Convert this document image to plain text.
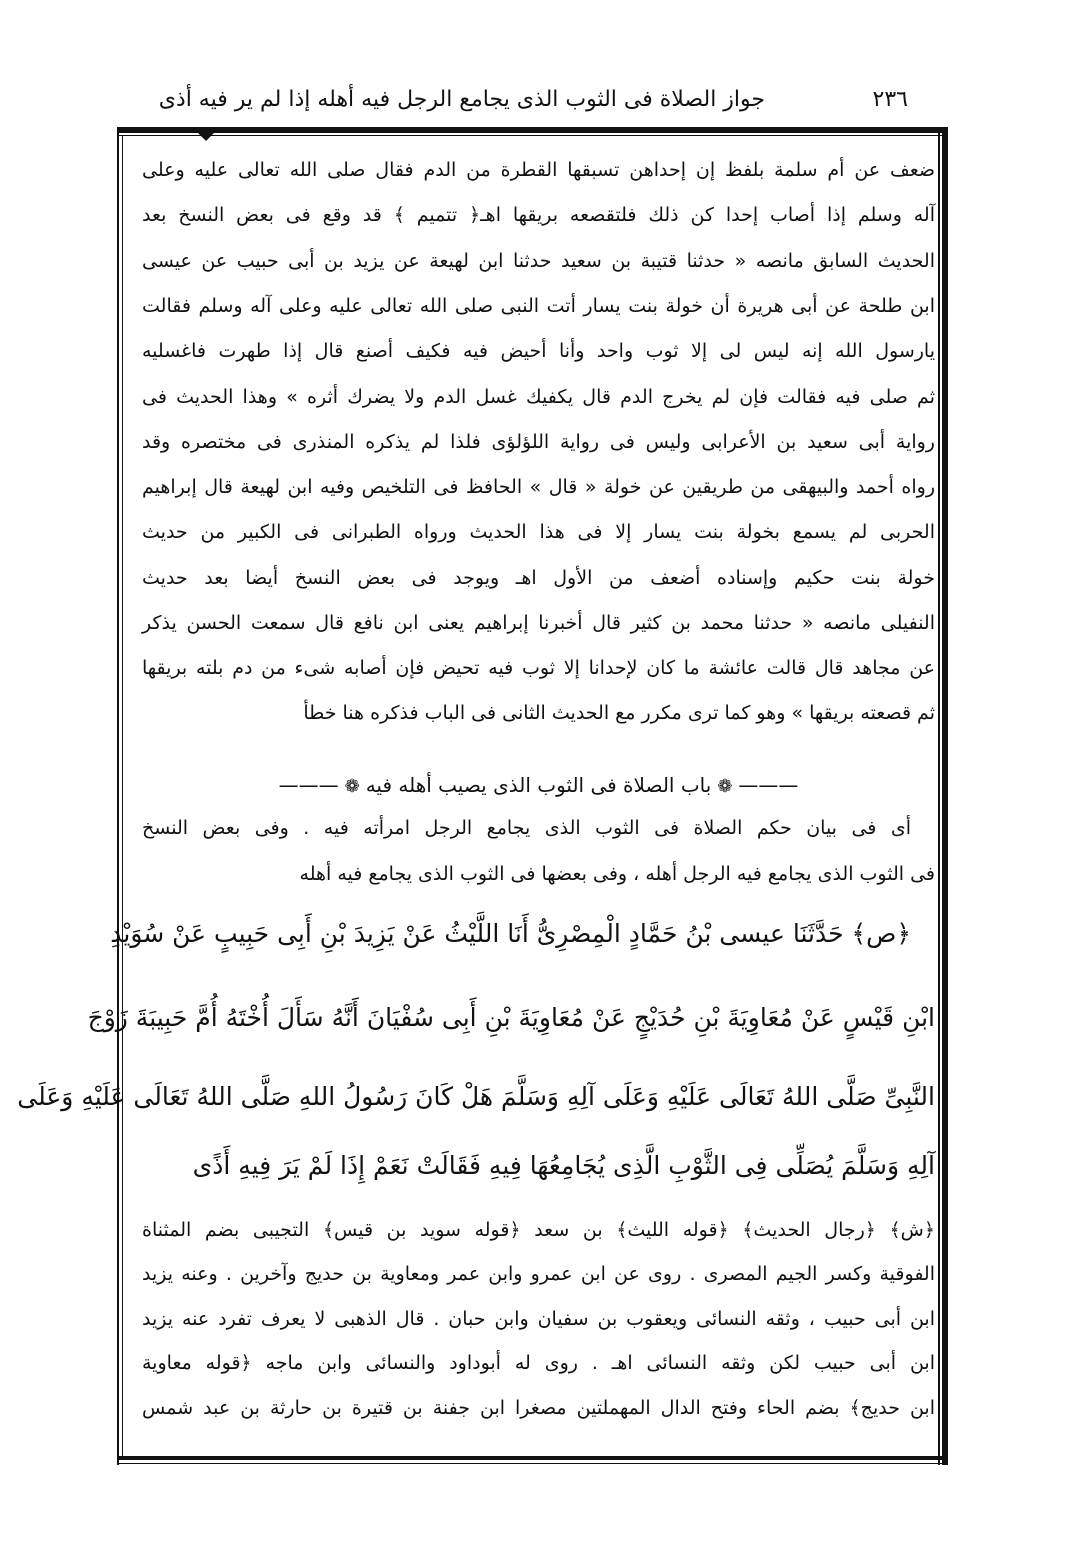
٢٣٦
جواز الصلاة فى الثوب الذى يجامع الرجل فيه أهله إذا لم ير فيه أذى
ضعف عن أم سلمة بلفظ إن إحداهن تسبقها القطرة من الدم فقال صلى الله تعالى عليه وعلى
آله وسلم إذا أصاب إحدا كن ذلك فلتقصعه بريقها اهـ﴿ تتميم ﴾ قد وقع فى بعض النسخ بعد
الحديث السابق مانصه « حدثنا قتيبة بن سعيد حدثنا ابن لهيعة عن يزيد بن أبى حبيب عن عيسى
ابن طلحة عن أبى هريرة أن خولة بنت يسار أتت النبى صلى الله تعالى عليه وعلى آله وسلم فقالت
يارسول الله إنه ليس لى إلا ثوب واحد وأنا أحيض فيه فكيف أصنع قال إذا طهرت فاغسليه
ثم صلى فيه فقالت فإن لم يخرج الدم قال يكفيك غسل الدم ولا يضرك أثره » وهذا الحديث فى
رواية أبى سعيد بن الأعرابى وليس فى رواية اللؤلؤى فلذا لم يذكره المنذرى فى مختصره وقد
رواه أحمد والبيهقى من طريقين عن خولة « قال » الحافظ فى التلخيص وفيه ابن لهيعة قال إبراهيم
الحربى لم يسمع بخولة بنت يسار إلا فى هذا الحديث ورواه الطبرانى فى الكبير من حديث
خولة بنت حكيم وإسناده أضعف من الأول اهـ ويوجد فى بعض النسخ أيضا بعد حديث
النفيلى مانصه « حدثنا محمد بن كثير قال أخبرنا إبراهيم يعنى ابن نافع قال سمعت الحسن يذكر
عن مجاهد قال قالت عائشة ما كان لإحدانا إلا ثوب فيه تحيض فإن أصابه شىء من دم بلته بريقها
ثم قصعته بريقها » وهو كما ترى مكرر مع الحديث الثانى فى الباب فذكره هنا خطأ
———❁باب الصلاة فى الثوب الذى يصيب أهله فيه❁———
أى فى بيان حكم الصلاة فى الثوب الذى يجامع الرجل امرأته فيه . وفى بعض النسخ
فى الثوب الذى يجامع فيه الرجل أهله ، وفى بعضها فى الثوب الذى يجامع فيه أهله
﴿ص﴾ حَدَّثَنَا عيسى بْنُ حَمَّادٍ الْمِصْرِىُّ أَنَا اللَّيْثُ عَنْ يَزِيدَ بْنِ أَبِى حَبِيبٍ عَنْ سُوَيْدِ
ابْنِ قَيْسٍ عَنْ مُعَاوِيَةَ بْنِ حُدَيْجٍ عَنْ مُعَاوِيَةَ بْنِ أَبِى سُفْيَانَ أَنَّهُ سَأَلَ أُخْتَهُ أُمَّ حَبِيبَةَ زَوْجَ
النَّبِىِّ صَلَّى اللهُ تَعَالَى عَلَيْهِ وَعَلَى آلِهِ وَسَلَّمَ هَلْ كَانَ رَسُولُ اللهِ صَلَّى اللهُ تَعَالَى عَلَيْهِ وَعَلَى
آلِهِ وَسَلَّمَ يُصَلِّى فِى الثَّوْبِ الَّذِى يُجَامِعُهَا فِيهِ فَقَالَتْ نَعَمْ إِذَا لَمْ يَرَ فِيهِ أَذًى
﴿ش﴾ ﴿رجال الحديث﴾ ﴿قوله الليث﴾ بن سعد ﴿قوله سويد بن قيس﴾ التجيبى بضم المثناة
الفوقية وكسر الجيم المصرى . روى عن ابن عمرو وابن عمر ومعاوية بن حديج وآخرين . وعنه يزيد
ابن أبى حبيب ، وثقه النسائى ويعقوب بن سفيان وابن حبان . قال الذهبى لا يعرف تفرد عنه يزيد
ابن أبى حبيب لكن وثقه النسائى اهـ . روى له أبوداود والنسائى وابن ماجه ﴿قوله معاوية
ابن حديج﴾ بضم الحاء وفتح الدال المهملتين مصغرا ابن جفنة بن قتيرة بن حارثة بن عبد شمس
